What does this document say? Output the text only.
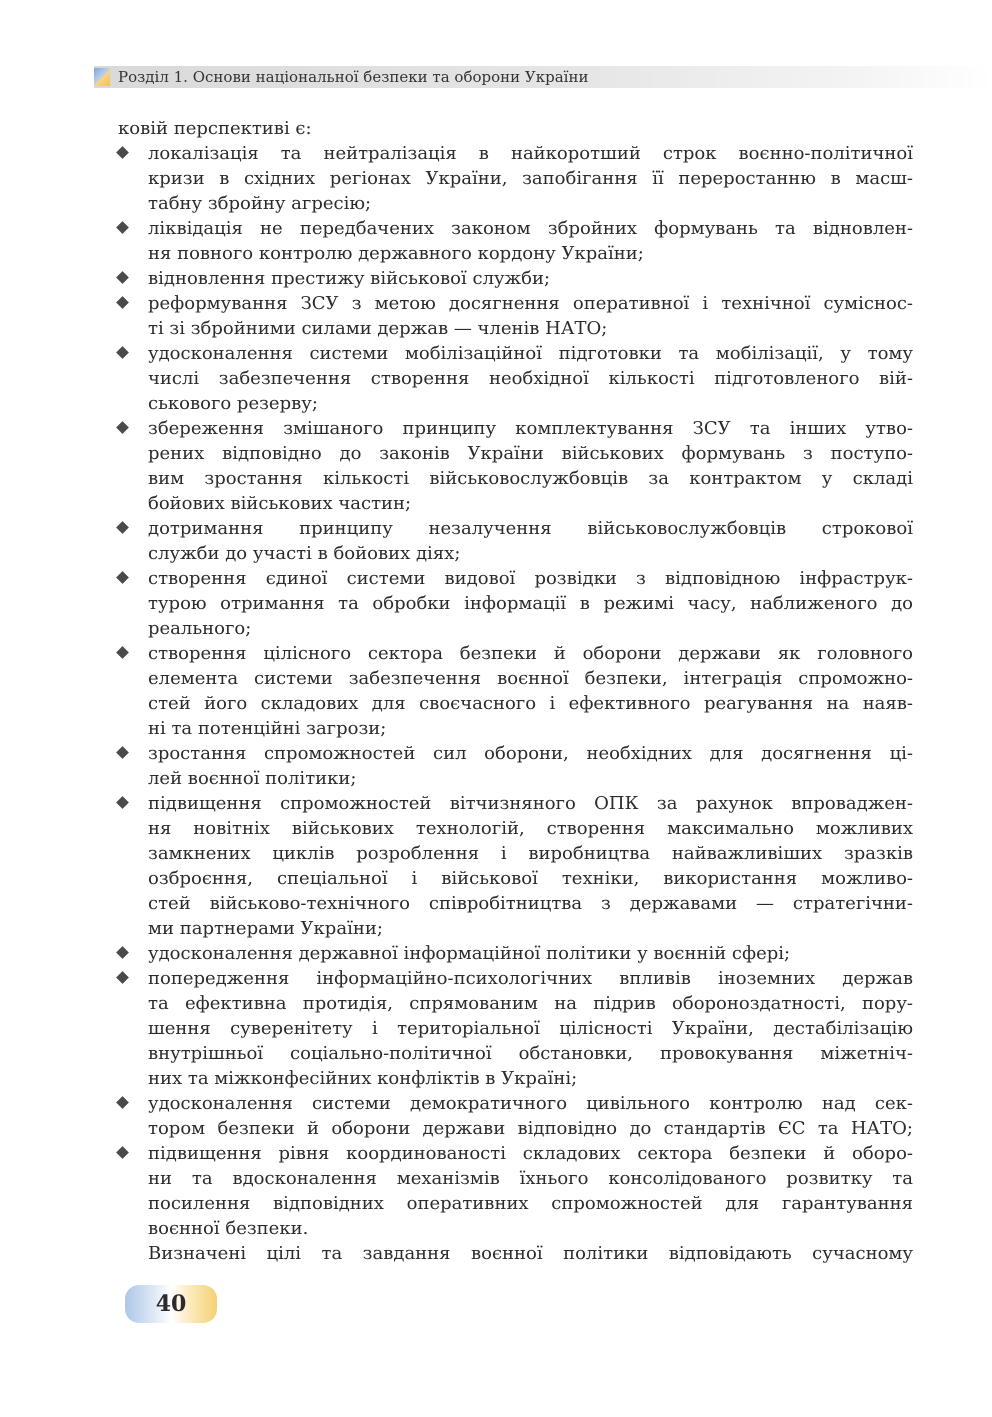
Розділ 1. Основи національної безпеки та оборони України
ковій перспективі є:
локалізація та нейтралізація в найкоротший строк воєнно-політичної
кризи в східних регіонах України, запобігання її переростанню в масш-
табну збройну агресію;
ліквідація не передбачених законом збройних формувань та відновлен-
ня повного контролю державного кордону України;
відновлення престижу військової служби;
реформування ЗСУ з метою досягнення оперативної і технічної суміснос-
ті зі збройними силами держав — членів НАТО;
удосконалення системи мобілізаційної підготовки та мобілізації, у тому
числі забезпечення створення необхідної кількості підготовленого вій-
ськового резерву;
збереження змішаного принципу комплектування ЗСУ та інших утво-
рених відповідно до законів України військових формувань з поступо-
вим зростання кількості військовослужбовців за контрактом у складі
бойових військових частин;
дотримання принципу незалучення військовослужбовців строкової
служби до участі в бойових діях;
створення єдиної системи видової розвідки з відповідною інфраструк-
турою отримання та обробки інформації в режимі часу, наближеного до
реального;
створення цілісного сектора безпеки й оборони держави як головного
елемента системи забезпечення воєнної безпеки, інтеграція спроможно-
стей його складових для своєчасного і ефективного реагування на наяв-
ні та потенційні загрози;
зростання спроможностей сил оборони, необхідних для досягнення ці-
лей воєнної політики;
підвищення спроможностей вітчизняного ОПК за рахунок впроваджен-
ня новітніх військових технологій, створення максимально можливих
замкнених циклів розроблення і виробництва найважливіших зразків
озброєння, спеціальної і військової техніки, використання можливо-
стей військово-технічного співробітництва з державами — стратегічни-
ми партнерами України;
удосконалення державної інформаційної політики у воєнній сфері;
попередження інформаційно-психологічних впливів іноземних держав
та ефективна протидія, спрямованим на підрив обороноздатності, пору-
шення суверенітету і територіальної цілісності України, дестабілізацію
внутрішньої соціально-політичної обстановки, провокування міжетніч-
них та міжконфесійних конфліктів в Україні;
удосконалення системи демократичного цивільного контролю над сек-
тором безпеки й оборони держави відповідно до стандартів ЄС та НАТО;
підвищення рівня координованості складових сектора безпеки й оборо-
ни та вдосконалення механізмів їхнього консолідованого розвитку та
посилення відповідних оперативних спроможностей для гарантування
воєнної безпеки.
Визначені цілі та завдання воєнної політики відповідають сучасному
40
